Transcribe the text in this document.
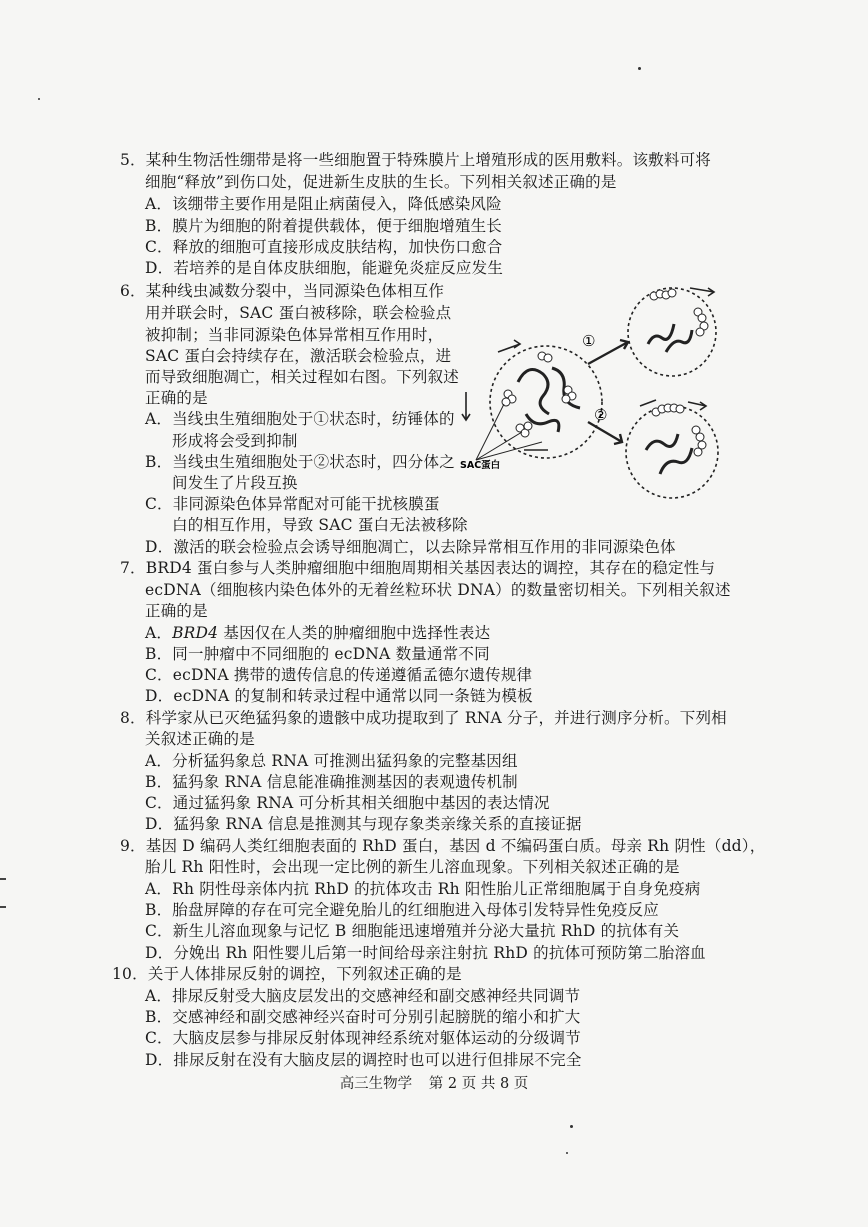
5．某种生物活性绷带是将一些细胞置于特殊膜片上增殖形成的医用敷料。该敷料可将
细胞“释放”到伤口处，促进新生皮肤的生长。下列相关叙述正确的是
A．该绷带主要作用是阻止病菌侵入，降低感染风险
B．膜片为细胞的附着提供载体，便于细胞增殖生长
C．释放的细胞可直接形成皮肤结构，加快伤口愈合
D．若培养的是自体皮肤细胞，能避免炎症反应发生
6．某种线虫减数分裂中，当同源染色体相互作
用并联会时，SAC 蛋白被移除，联会检验点
被抑制；当非同源染色体异常相互作用时，
SAC 蛋白会持续存在，激活联会检验点，进
而导致细胞凋亡，相关过程如右图。下列叙述
正确的是
A．当线虫生殖细胞处于①状态时，纺锤体的
形成将会受到抑制
B．当线虫生殖细胞处于②状态时，四分体之
间发生了片段互换
C．非同源染色体异常配对可能干扰核膜蛋
白的相互作用，导致 SAC 蛋白无法被移除
D．激活的联会检验点会诱导细胞凋亡，以去除异常相互作用的非同源染色体
①
②
SAC蛋白
7．BRD4 蛋白参与人类肿瘤细胞中细胞周期相关基因表达的调控，其存在的稳定性与
ecDNA（细胞核内染色体外的无着丝粒环状 DNA）的数量密切相关。下列相关叙述
正确的是
A．BRD4 基因仅在人类的肿瘤细胞中选择性表达
B．同一肿瘤中不同细胞的 ecDNA 数量通常不同
C．ecDNA 携带的遗传信息的传递遵循孟德尔遗传规律
D．ecDNA 的复制和转录过程中通常以同一条链为模板
8．科学家从已灭绝猛犸象的遗骸中成功提取到了 RNA 分子，并进行测序分析。下列相
关叙述正确的是
A．分析猛犸象总 RNA 可推测出猛犸象的完整基因组
B．猛犸象 RNA 信息能准确推测基因的表观遗传机制
C．通过猛犸象 RNA 可分析其相关细胞中基因的表达情况
D．猛犸象 RNA 信息是推测其与现存象类亲缘关系的直接证据
9．基因 D 编码人类红细胞表面的 RhD 蛋白，基因 d 不编码蛋白质。母亲 Rh 阴性（dd），
胎儿 Rh 阳性时，会出现一定比例的新生儿溶血现象。下列相关叙述正确的是
A．Rh 阴性母亲体内抗 RhD 的抗体攻击 Rh 阳性胎儿正常细胞属于自身免疫病
B．胎盘屏障的存在可完全避免胎儿的红细胞进入母体引发特异性免疫反应
C．新生儿溶血现象与记忆 B 细胞能迅速增殖并分泌大量抗 RhD 的抗体有关
D．分娩出 Rh 阳性婴儿后第一时间给母亲注射抗 RhD 的抗体可预防第二胎溶血
10．关于人体排尿反射的调控，下列叙述正确的是
A．排尿反射受大脑皮层发出的交感神经和副交感神经共同调节
B．交感神经和副交感神经兴奋时可分别引起膀胱的缩小和扩大
C．大脑皮层参与排尿反射体现神经系统对躯体运动的分级调节
D．排尿反射在没有大脑皮层的调控时也可以进行但排尿不完全
高三生物学 第 2 页 共 8 页
